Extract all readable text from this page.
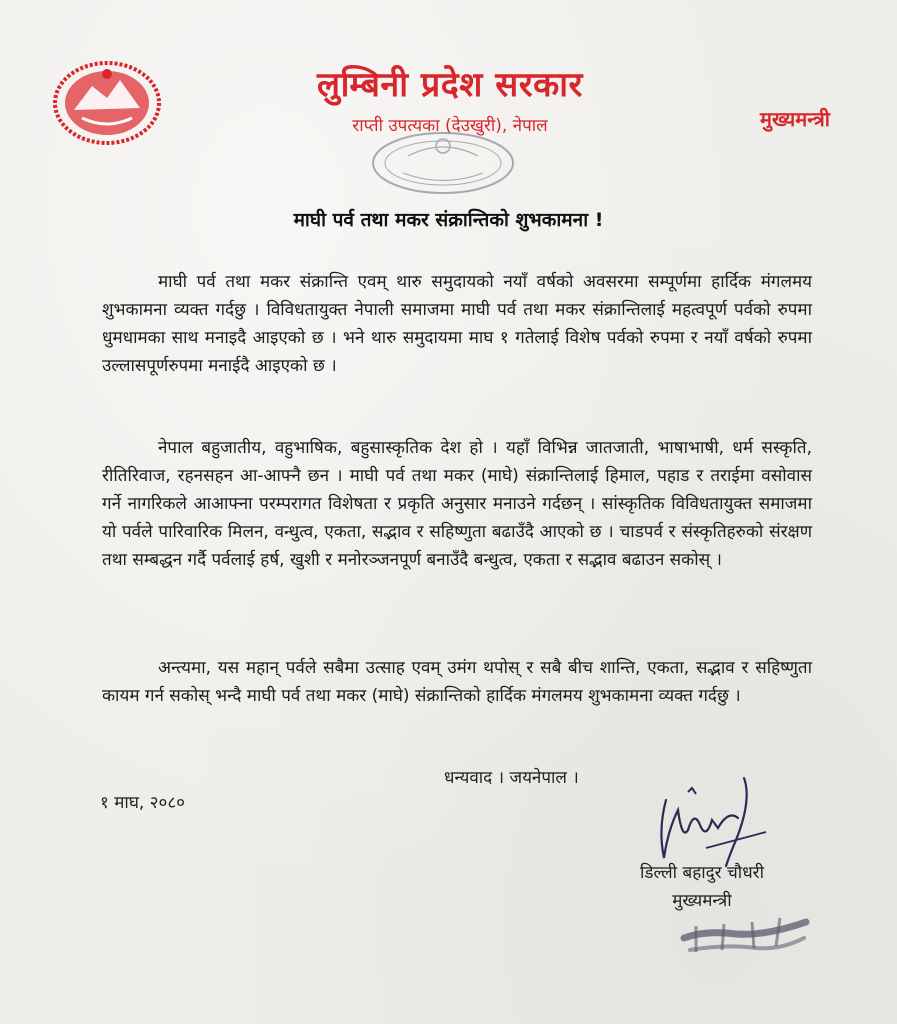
लुम्बिनी प्रदेश सरकार
राप्ती उपत्यका (देउखुरी), नेपाल	मुख्यमन्त्री
माघी पर्व तथा मकर संक्रान्तिको शुभकामना !

माघी पर्व तथा मकर संक्रान्ति एवम् थारु समुदायको नयाँ वर्षको अवसरमा सम्पूर्णमा हार्दिक मंगलमय शुभकामना व्यक्त गर्दछु । विविधतायुक्त नेपाली समाजमा माघी पर्व तथा मकर संक्रान्तिलाई महत्वपूर्ण पर्वको रुपमा धुमधामका साथ मनाइदै आइएको छ । भने थारु समुदायमा माघ १ गतेलाई विशेष पर्वको रुपमा र नयाँ वर्षको रुपमा उल्लासपूर्णरुपमा मनाईदै आइएको छ ।

नेपाल बहुजातीय, वहुभाषिक, बहुसास्कृतिक देश हो । यहाँ विभिन्न जातजाती, भाषाभाषी, धर्म सस्कृति, रीतिरिवाज, रहनसहन आ-आफ्नै छन । माघी पर्व तथा मकर (माघे) संक्रान्तिलाई हिमाल, पहाड र तराईमा वसोवास गर्ने नागरिकले आआफ्ना परम्परागत विशेषता र प्रकृति अनुसार मनाउने गर्दछन् । सांस्कृतिक विविधतायुक्त समाजमा यो पर्वले पारिवारिक मिलन, वन्धुत्व, एकता, सद्भाव र सहिष्णुता बढाउँदै आएको छ । चाडपर्व र संस्कृतिहरुको संरक्षण तथा सम्बद्धन गर्दै पर्वलाई हर्ष, खुशी र मनोरञ्जनपूर्ण बनाउँदै बन्धुत्व, एकता र सद्भाव बढाउन सकोस् ।

अन्त्यमा, यस महान् पर्वले सबैमा उत्साह एवम् उमंग थपोस् र सबै बीच शान्ति, एकता, सद्भाव र सहिष्णुता कायम गर्न सकोस् भन्दै माघी पर्व तथा मकर (माघे) संक्रान्तिको हार्दिक मंगलमय शुभकामना व्यक्त गर्दछु ।

धन्यवाद । जयनेपाल ।
१ माघ, २०८०
डिल्ली बहादुर चौधरी
मुख्यमन्त्री
